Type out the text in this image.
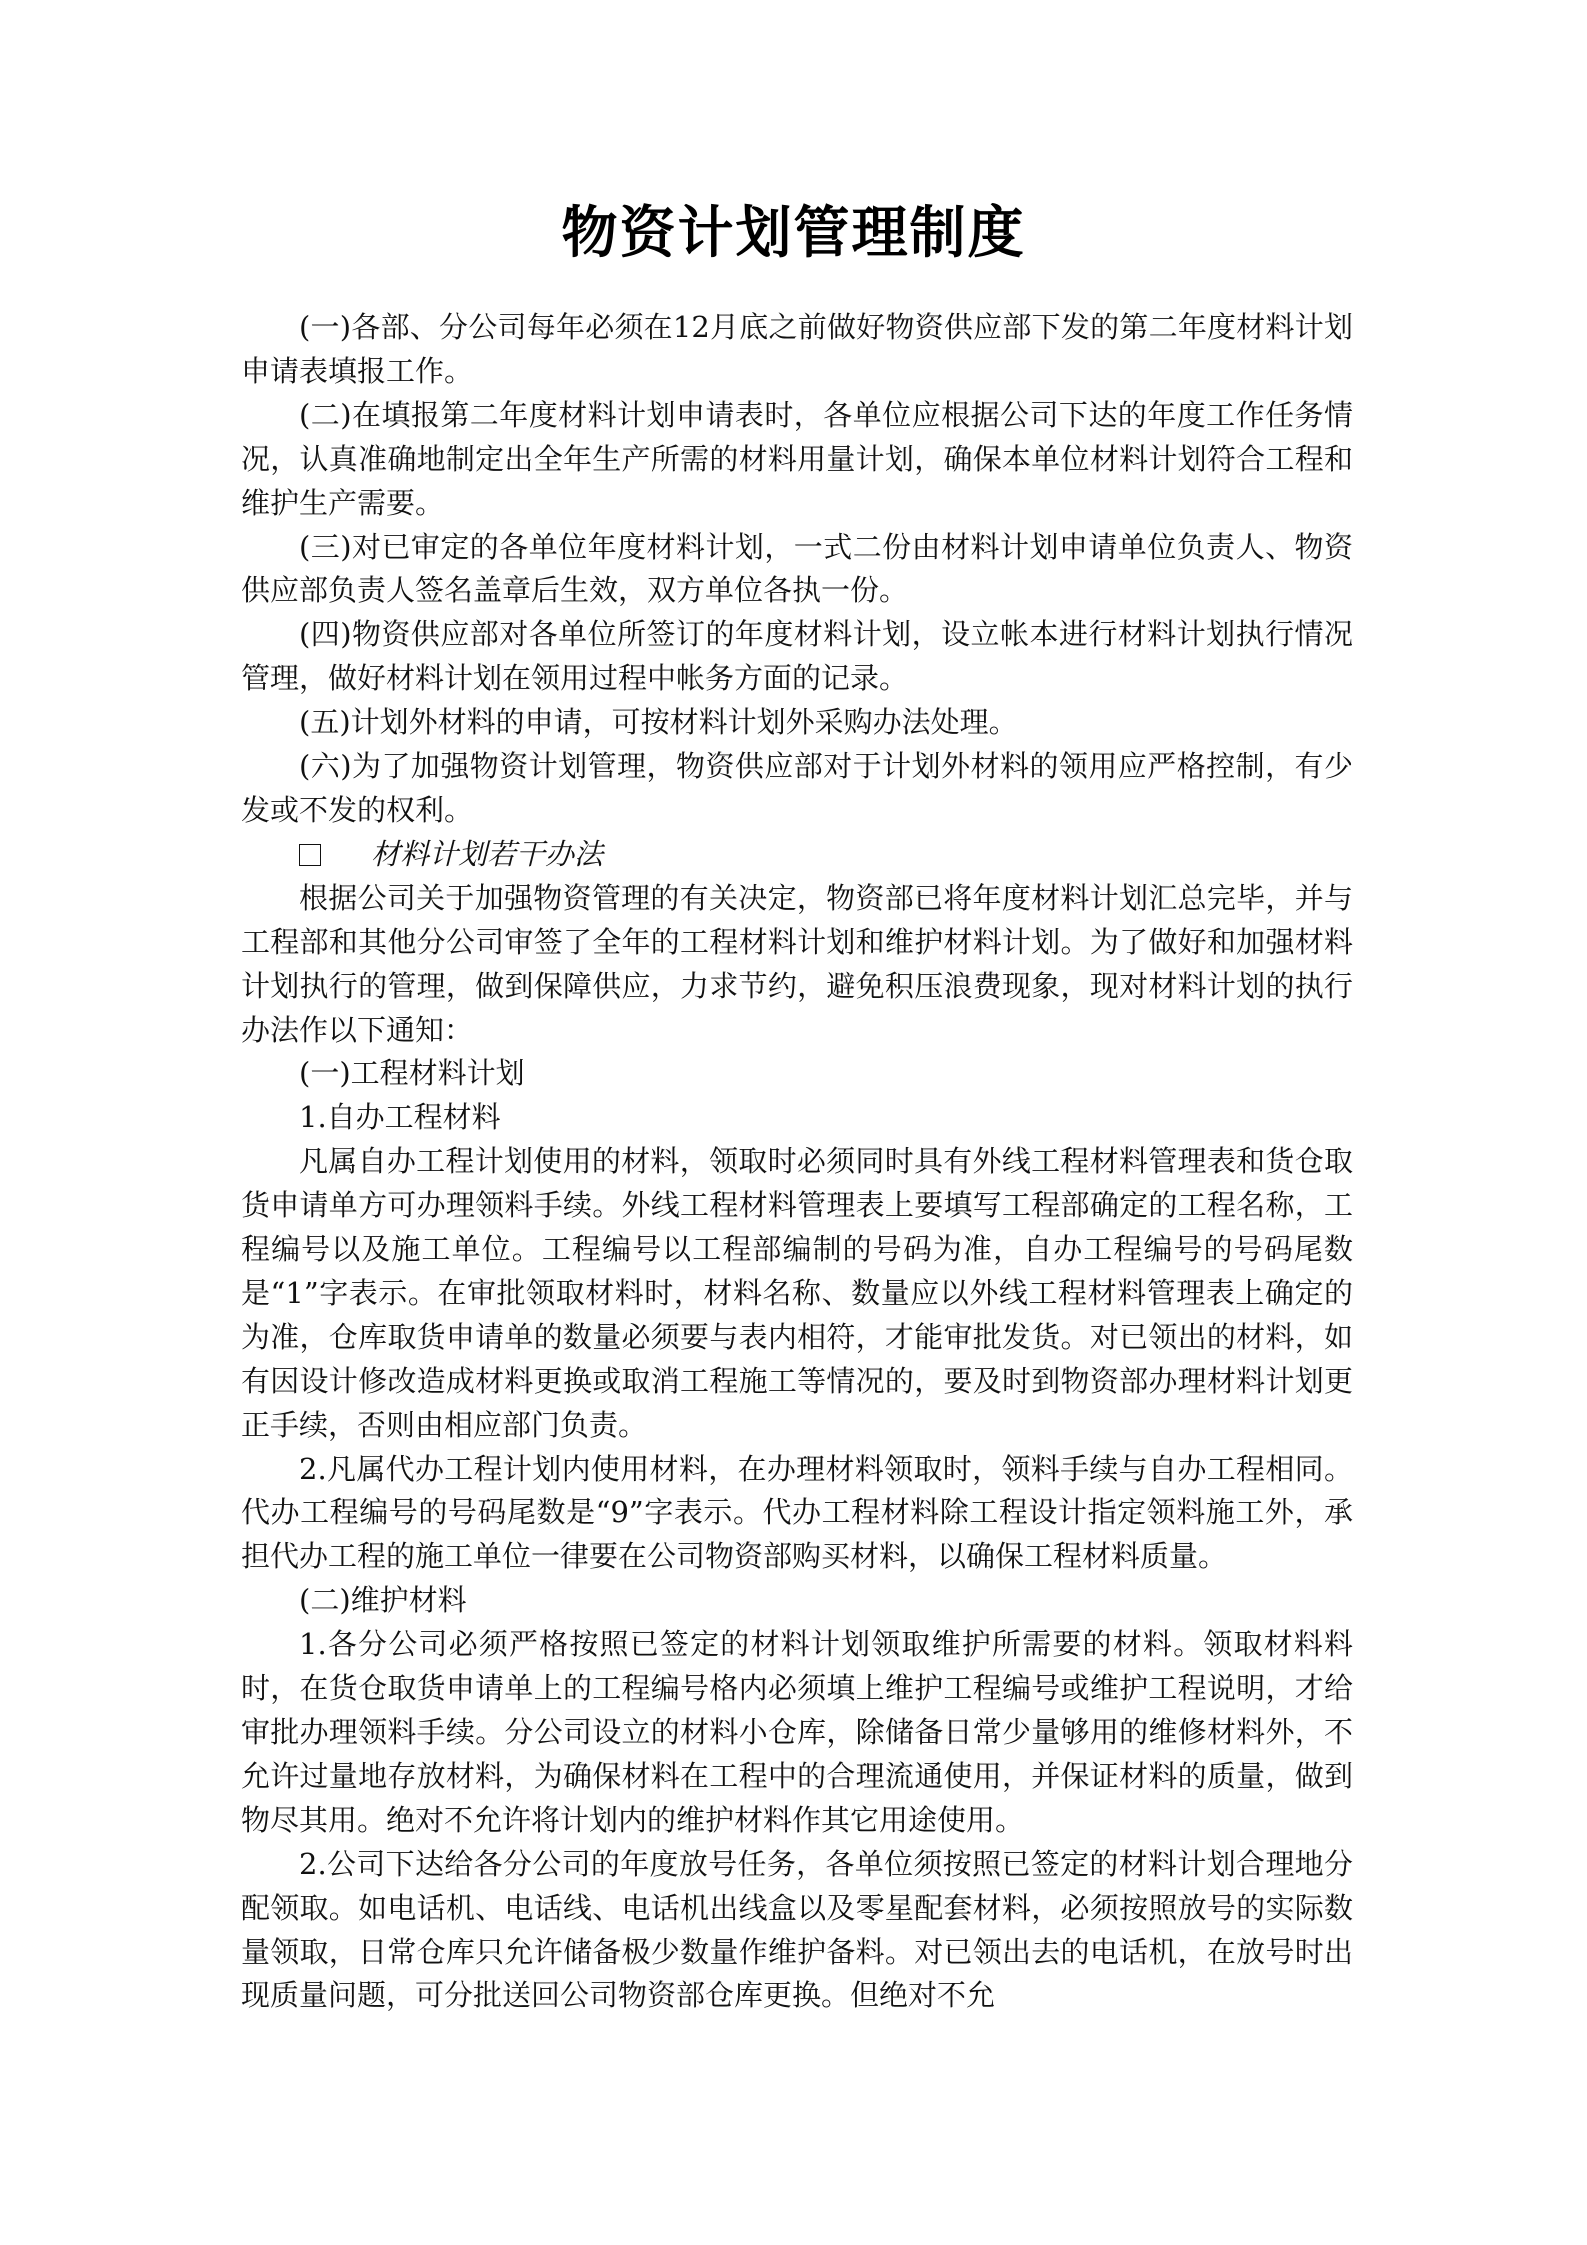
物资计划管理制度

(一)各部、分公司每年必须在12月底之前做好物资供应部下发的第二年度材料计划申请表填报工作。

(二)在填报第二年度材料计划申请表时，各单位应根据公司下达的年度工作任务情况，认真准确地制定出全年生产所需的材料用量计划，确保本单位材料计划符合工程和维护生产需要。

(三)对已审定的各单位年度材料计划，一式二份由材料计划申请单位负责人、物资供应部负责人签名盖章后生效，双方单位各执一份。

(四)物资供应部对各单位所签订的年度材料计划，设立帐本进行材料计划执行情况管理，做好材料计划在领用过程中帐务方面的记录。

(五)计划外材料的申请，可按材料计划外采购办法处理。

(六)为了加强物资计划管理，物资供应部对于计划外材料的领用应严格控制，有少发或不发的权利。

材料计划若干办法

根据公司关于加强物资管理的有关决定，物资部已将年度材料计划汇总完毕，并与工程部和其他分公司审签了全年的工程材料计划和维护材料计划。为了做好和加强材料计划执行的管理，做到保障供应，力求节约，避免积压浪费现象，现对材料计划的执行办法作以下通知：

(一)工程材料计划

1.自办工程材料

凡属自办工程计划使用的材料，领取时必须同时具有外线工程材料管理表和货仓取货申请单方可办理领料手续。外线工程材料管理表上要填写工程部确定的工程名称，工程编号以及施工单位。工程编号以工程部编制的号码为准，自办工程编号的号码尾数是“1”字表示。在审批领取材料时，材料名称、数量应以外线工程材料管理表上确定的为准，仓库取货申请单的数量必须要与表内相符，才能审批发货。对已领出的材料，如有因设计修改造成材料更换或取消工程施工等情况的，要及时到物资部办理材料计划更正手续，否则由相应部门负责。

2.凡属代办工程计划内使用材料，在办理材料领取时，领料手续与自办工程相同。代办工程编号的号码尾数是“9”字表示。代办工程材料除工程设计指定领料施工外，承担代办工程的施工单位一律要在公司物资部购买材料，以确保工程材料质量。

(二)维护材料

1.各分公司必须严格按照已签定的材料计划领取维护所需要的材料。领取材料料时，在货仓取货申请单上的工程编号格内必须填上维护工程编号或维护工程说明，才给审批办理领料手续。分公司设立的材料小仓库，除储备日常少量够用的维修材料外，不允许过量地存放材料，为确保材料在工程中的合理流通使用，并保证材料的质量，做到物尽其用。绝对不允许将计划内的维护材料作其它用途使用。

2.公司下达给各分公司的年度放号任务，各单位须按照已签定的材料计划合理地分配领取。如电话机、电话线、电话机出线盒以及零星配套材料，必须按照放号的实际数量领取，日常仓库只允许储备极少数量作维护备料。对已领出去的电话机，在放号时出现质量问题，可分批送回公司物资部仓库更换。但绝对不允
